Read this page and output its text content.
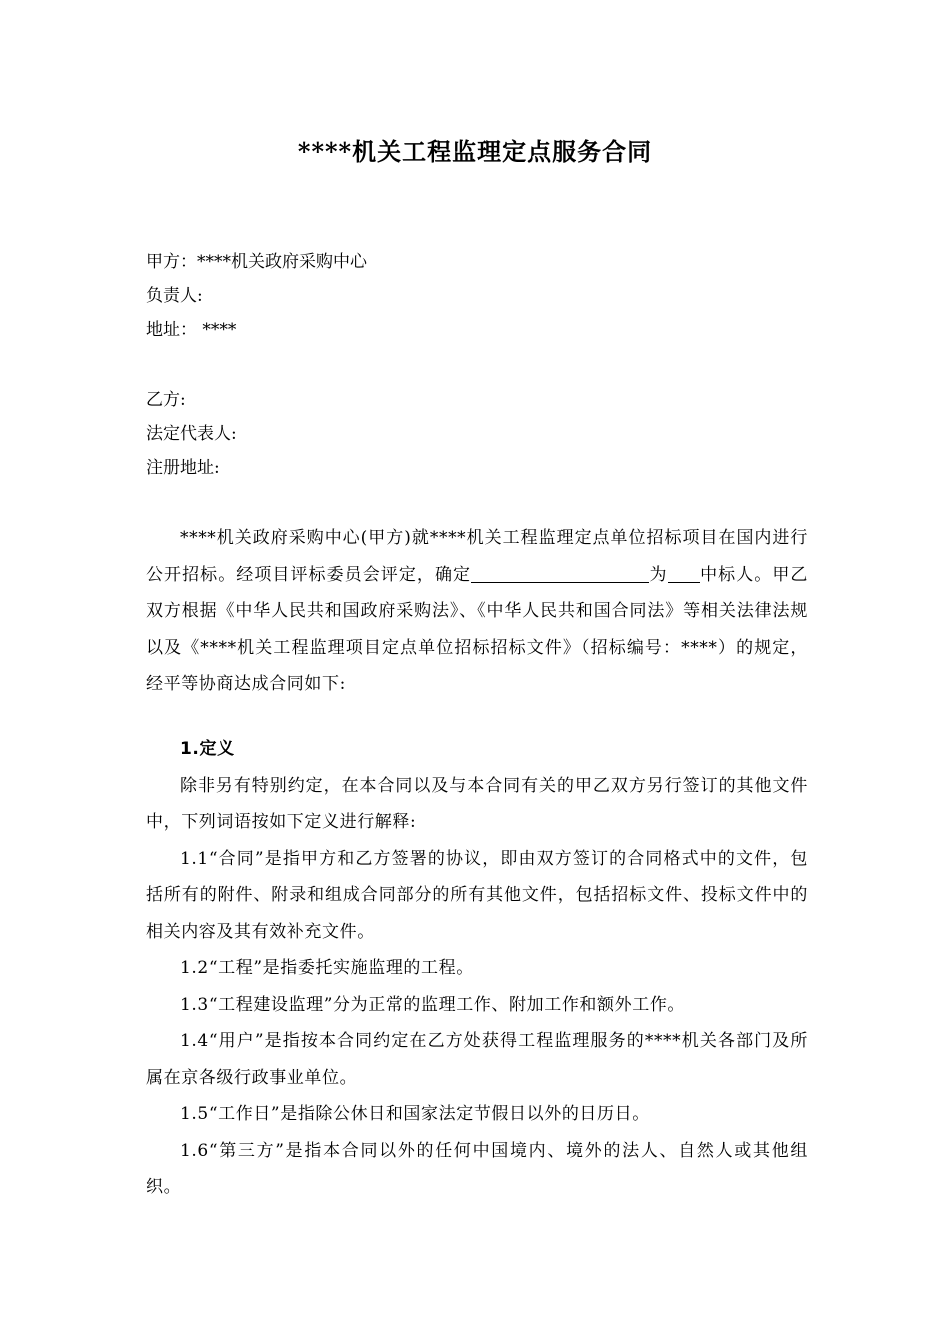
****机关工程监理定点服务合同
甲方：****机关政府采购中心
负责人:
地址： ****
乙方:
法定代表人:
注册地址:

****机关政府采购中心(甲方)就****机关工程监理定点单位招标项目在国内进行公开招标。经项目评标委员会评定，确定	为 中标人。甲乙双方根据《中华人民共和国政府采购法》、《中华人民共和国合同法》等相关法律法规以及《****机关工程监理项目定点单位招标招标文件》（招标编号：****）的规定，经平等协商达成合同如下:

1.定义

除非另有特别约定，在本合同以及与本合同有关的甲乙双方另行签订的其他文件中，下列词语按如下定义进行解释:

1.1“合同”是指甲方和乙方签署的协议，即由双方签订的合同格式中的文件，包括所有的附件、附录和组成合同部分的所有其他文件，包括招标文件、投标文件中的相关内容及其有效补充文件。

1.2“工程”是指委托实施监理的工程。

1.3“工程建设监理”分为正常的监理工作、附加工作和额外工作。

1.4“用户”是指按本合同约定在乙方处获得工程监理服务的****机关各部门及所属在京各级行政事业单位。

1.5“工作日”是指除公休日和国家法定节假日以外的日历日。

1.6“第三方”是指本合同以外的任何中国境内、境外的法人、自然人或其他组织。
